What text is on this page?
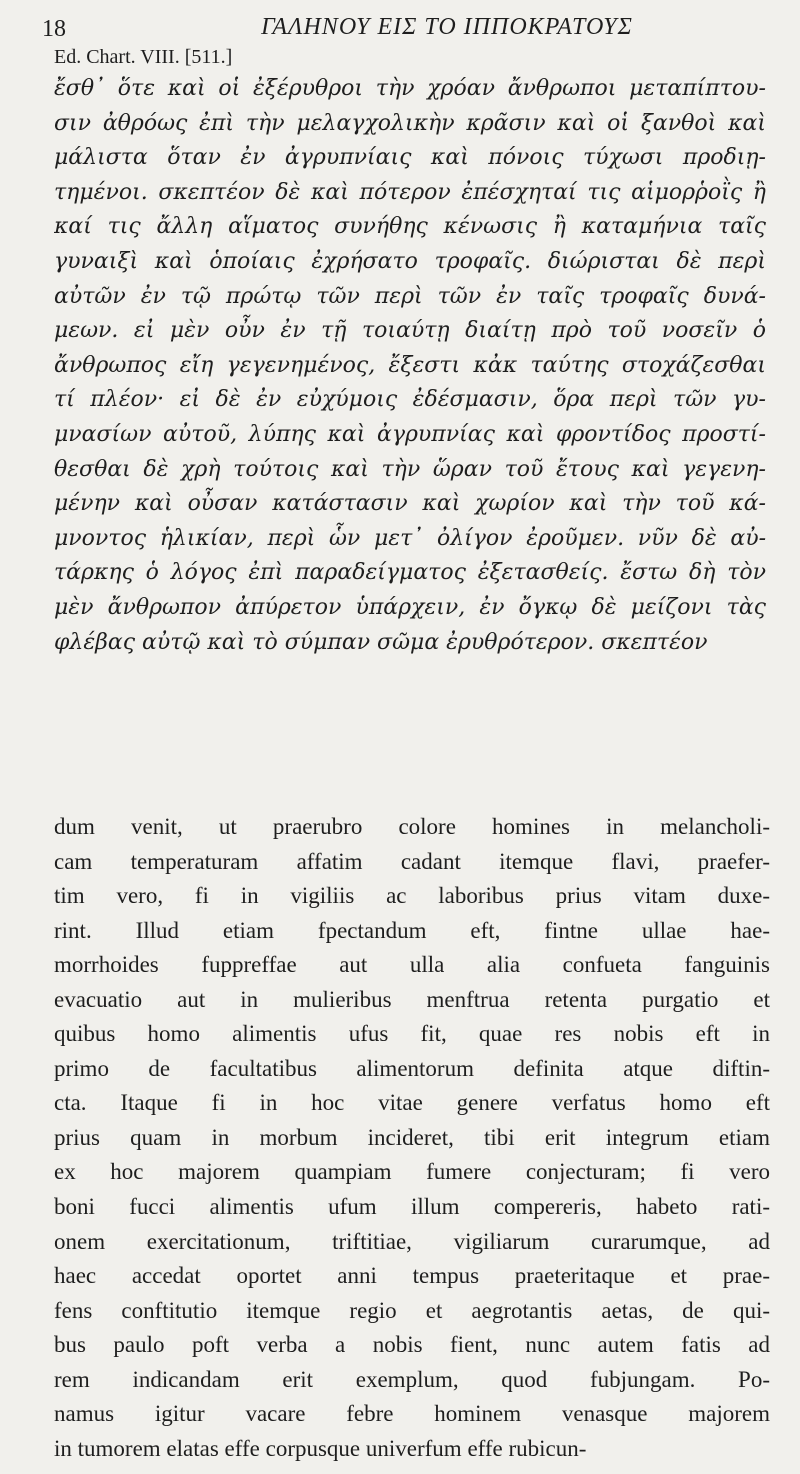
18	ΓΑΛΗΝΟΥ ΕΙΣ ΤΟ ΙΠΠΟΚΡΑΤΟΥΣ
Ed. Chart. VIII. [511.]
ἔσθ᾽ ὅτε καὶ οἱ ἐξέρυθροι τὴν χρόαν ἄνθρωποι μεταπίπτου-
σιν ἀθρόως ἐπὶ τὴν μελαγχολικὴν κρᾶσιν καὶ οἱ ξανθοὶ καὶ
μάλιστα ὅταν ἐν ἀγρυπνίαις καὶ πόνοις τύχωσι προδιῃ-
τημένοι. σκεπτέον δὲ καὶ πότερον ἐπέσχηταί τις αἱμορῥοῒς ἢ
καί τις ἄλλη αἵματος συνήθης κένωσις ἢ καταμήνια ταῖς
γυναιξὶ καὶ ὁποίαις ἐχρήσατο τροφαῖς. διώρισται δὲ περὶ
αὐτῶν ἐν τῷ πρώτῳ τῶν περὶ τῶν ἐν ταῖς τροφαῖς δυνά-
μεων. εἰ μὲν οὖν ἐν τῇ τοιαύτῃ διαίτῃ πρὸ τοῦ νοσεῖν ὁ
ἄνθρωπος εἴη γεγενημένος, ἔξεστι κἀκ ταύτης στοχάζεσθαι
τί πλέον· εἰ δὲ ἐν εὐχύμοις ἐδέσμασιν, ὅρα περὶ τῶν γυ-
μνασίων αὐτοῦ, λύπης καὶ ἀγρυπνίας καὶ φροντίδος προστί-
θεσθαι δὲ χρὴ τούτοις καὶ τὴν ὥραν τοῦ ἔτους καὶ γεγενη-
μένην καὶ οὖσαν κατάστασιν καὶ χωρίον καὶ τὴν τοῦ κά-
μνοντος ἡλικίαν, περὶ ὧν μετ᾽ ὀλίγον ἐροῦμεν. νῦν δὲ αὐ-
τάρκης ὁ λόγος ἐπὶ παραδείγματος ἐξετασθείς. ἔστω δὴ τὸν
μὲν ἄνθρωπον ἀπύρετον ὑπάρχειν, ἐν ὄγκῳ δὲ μείζονι τὰς
φλέβας αὐτῷ καὶ τὸ σύμπαν σῶμα ἐρυθρότερον. σκεπτέον
dum venit, ut praerubro colore homines in melancholi-
cam temperaturam affatim cadant itemque flavi, praefer-
tim vero, fi in vigiliis ac laboribus prius vitam duxe-
rint. Illud etiam fpectandum eft, fintne ullae hae-
morrhoides fuppreffae aut ulla alia confueta fanguinis
evacuatio aut in mulieribus menftrua retenta purgatio et
quibus homo alimentis ufus fit, quae res nobis eft in
primo de facultatibus alimentorum definita atque diftin-
cta. Itaque fi in hoc vitae genere verfatus homo eft
prius quam in morbum incideret, tibi erit integrum etiam
ex hoc majorem quampiam fumere conjecturam; fi vero
boni fucci alimentis ufum illum compereris, habeto rati-
onem exercitationum, triftitiae, vigiliarum curarumque, ad
haec accedat oportet anni tempus praeteritaque et prae-
fens conftitutio itemque regio et aegrotantis aetas, de qui-
bus paulo poft verba a nobis fient, nunc autem fatis ad
rem indicandam erit exemplum, quod fubjungam. Po-
namus igitur vacare febre hominem venasque majorem
in tumorem elatas effe corpusque univerfum effe rubicun-
